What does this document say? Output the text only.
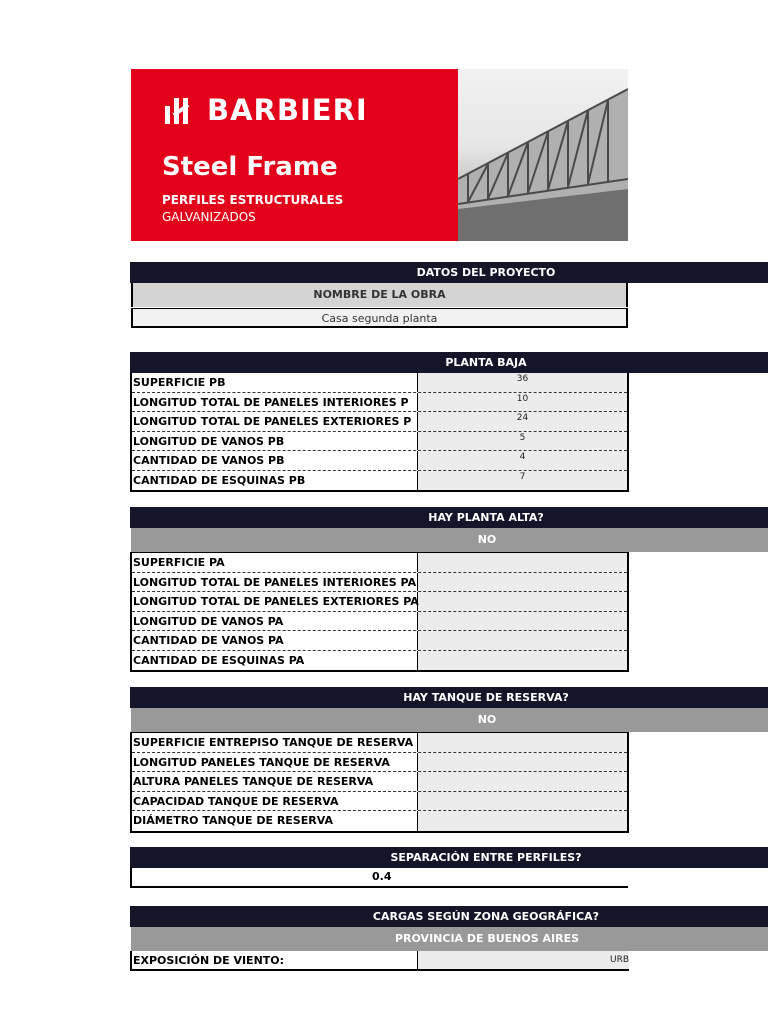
BARBIERI
Steel Frame
PERFILES ESTRUCTURALES
GALVANIZADOS
DATOS DEL PROYECTO
NOMBRE DE LA OBRA
Casa segunda planta
PLANTA BAJA
SUPERFICIE PB	36
LONGITUD TOTAL DE PANELES INTERIORES P	10
LONGITUD TOTAL DE PANELES EXTERIORES P	24
LONGITUD DE VANOS PB	5
CANTIDAD DE VANOS PB	4
CANTIDAD DE ESQUINAS PB	7
HAY PLANTA ALTA?
NO
SUPERFICIE PA
LONGITUD TOTAL DE PANELES INTERIORES PA
LONGITUD TOTAL DE PANELES EXTERIORES PA
LONGITUD DE VANOS PA
CANTIDAD DE VANOS PA
CANTIDAD DE ESQUINAS PA
HAY TANQUE DE RESERVA?
NO
SUPERFICIE ENTREPISO TANQUE DE RESERVA
LONGITUD PANELES TANQUE DE RESERVA
ALTURA PANELES TANQUE DE RESERVA
CAPACIDAD TANQUE DE RESERVA
DIÁMETRO TANQUE DE RESERVA
SEPARACIÓN ENTRE PERFILES?
0.4
CARGAS SEGÚN ZONA GEOGRÁFICA?
PROVINCIA DE BUENOS AIRES
EXPOSICIÓN DE VIENTO:	URB
